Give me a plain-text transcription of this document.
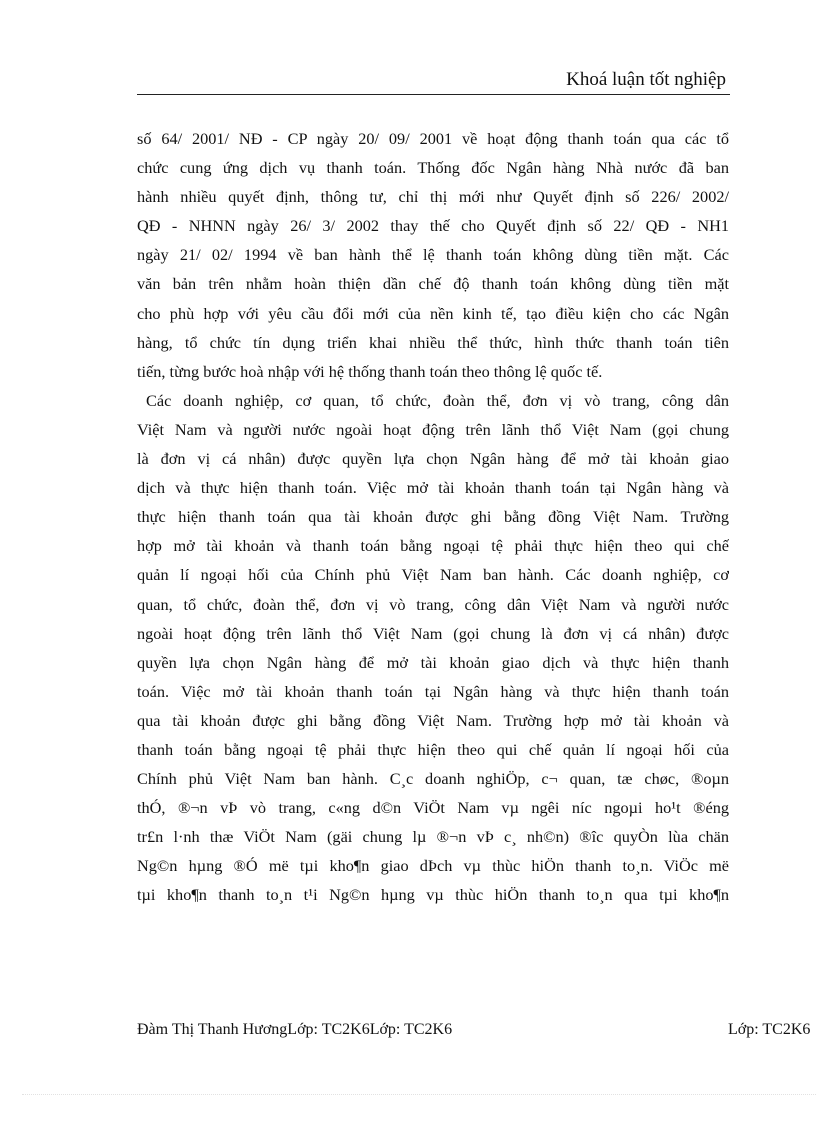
Khoá luận tốt nghiệp
số 64/ 2001/ NĐ - CP ngày 20/ 09/ 2001 về hoạt động thanh toán qua các tổ
chức cung ứng dịch vụ thanh toán. Thống đốc Ngân hàng Nhà nước đã ban
hành nhiều quyết định, thông tư, chỉ thị mới như Quyết định số 226/ 2002/
QĐ - NHNN ngày 26/ 3/ 2002 thay thế cho Quyết định số 22/ QĐ - NH1
ngày 21/ 02/ 1994 về ban hành thể lệ thanh toán không dùng tiền mặt. Các
văn bản trên nhằm hoàn thiện dần chế độ thanh toán không dùng tiền mặt
cho phù hợp với yêu cầu đổi mới của nền kinh tế, tạo điều kiện cho các Ngân
hàng, tổ chức tín dụng triển khai nhiều thể thức, hình thức thanh toán tiên
tiến, từng bước hoà nhập với hệ thống thanh toán theo thông lệ quốc tế.
Các doanh nghiệp, cơ quan, tổ chức, đoàn thể, đơn vị vò trang, công dân
Việt Nam và người nước ngoài hoạt động trên lãnh thổ Việt Nam (gọi chung
là đơn vị cá nhân) được quyền lựa chọn Ngân hàng để mở tài khoản giao
dịch và thực hiện thanh toán. Việc mở tài khoản thanh toán tại Ngân hàng và
thực hiện thanh toán qua tài khoản được ghi bằng đồng Việt Nam. Trường
hợp mở tài khoản và thanh toán bằng ngoại tệ phải thực hiện theo qui chế
quản lí ngoại hối của Chính phủ Việt Nam ban hành. Các doanh nghiệp, cơ
quan, tổ chức, đoàn thể, đơn vị vò trang, công dân Việt Nam và người nước
ngoài hoạt động trên lãnh thổ Việt Nam (gọi chung là đơn vị cá nhân) được
quyền lựa chọn Ngân hàng để mở tài khoản giao dịch và thực hiện thanh
toán. Việc mở tài khoản thanh toán tại Ngân hàng và thực hiện thanh toán
qua tài khoản được ghi bằng đồng Việt Nam. Trường hợp mở tài khoản và
thanh toán bằng ngoại tệ phải thực hiện theo qui chế quản lí ngoại hối của
Chính phủ Việt Nam ban hành. C¸c doanh nghiÖp, c¬ quan, tæ chøc, ®oµn
thÓ, ®¬n vÞ vò trang, c«ng d©n ViÖt Nam vµ ngêi níc ngoµi ho¹t ®éng
tr£n l·nh thæ ViÖt Nam (gäi chung lµ ®¬n vÞ c¸ nh©n) ®îc quyÒn lùa chän
Ng©n hµng ®Ó më tµi kho¶n giao dÞch vµ thùc hiÖn thanh to¸n. ViÖc më
tµi kho¶n thanh to¸n t¹i Ng©n hµng vµ thùc hiÖn thanh to¸n qua tµi kho¶n
Đàm Thị Thanh HươngLớp: TC2K6Lớp: TC2K6	Lớp: TC2K6
